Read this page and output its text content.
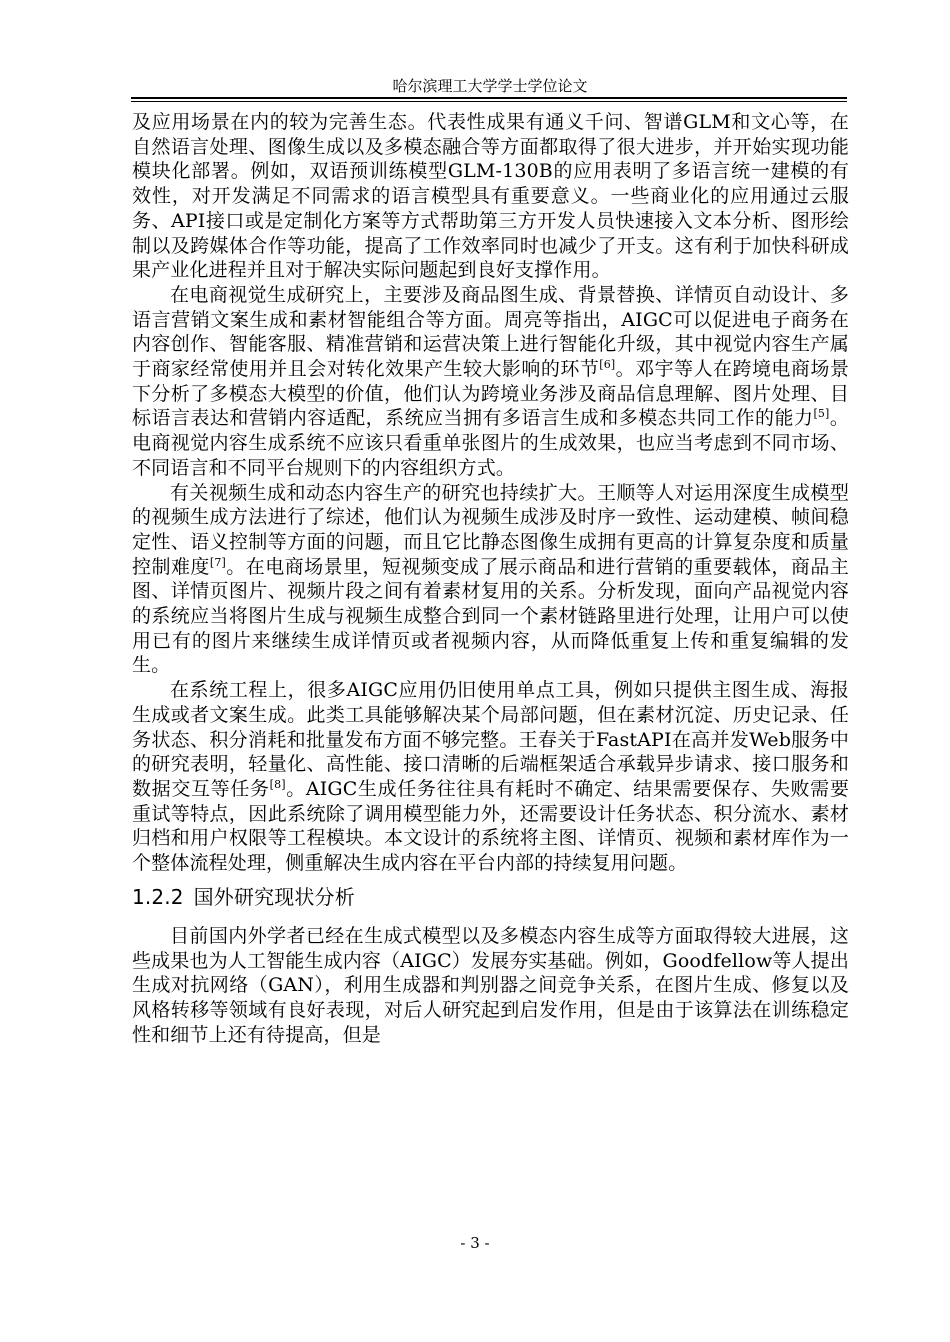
哈尔滨理工大学学士学位论文

及应用场景在内的较为完善生态。代表性成果有通义千问、智谱GLM和文心等，在自然语言处理、图像生成以及多模态融合等方面都取得了很大进步，并开始实现功能模块化部署。例如，双语预训练模型GLM-130B的应用表明了多语言统一建模的有效性，对开发满足不同需求的语言模型具有重要意义。一些商业化的应用通过云服务、API接口或是定制化方案等方式帮助第三方开发人员快速接入文本分析、图形绘制以及跨媒体合作等功能，提高了工作效率同时也减少了开支。这有利于加快科研成果产业化进程并且对于解决实际问题起到良好支撑作用。

在电商视觉生成研究上，主要涉及商品图生成、背景替换、详情页自动设计、多语言营销文案生成和素材智能组合等方面。周亮等指出，AIGC可以促进电子商务在内容创作、智能客服、精准营销和运营决策上进行智能化升级，其中视觉内容生产属于商家经常使用并且会对转化效果产生较大影响的环节[6]。邓宇等人在跨境电商场景下分析了多模态大模型的价值，他们认为跨境业务涉及商品信息理解、图片处理、目标语言表达和营销内容适配，系统应当拥有多语言生成和多模态共同工作的能力[5]。电商视觉内容生成系统不应该只看重单张图片的生成效果，也应当考虑到不同市场、不同语言和不同平台规则下的内容组织方式。

有关视频生成和动态内容生产的研究也持续扩大。王顺等人对运用深度生成模型的视频生成方法进行了综述，他们认为视频生成涉及时序一致性、运动建模、帧间稳定性、语义控制等方面的问题，而且它比静态图像生成拥有更高的计算复杂度和质量控制难度[7]。在电商场景里，短视频变成了展示商品和进行营销的重要载体，商品主图、详情页图片、视频片段之间有着素材复用的关系。分析发现，面向产品视觉内容的系统应当将图片生成与视频生成整合到同一个素材链路里进行处理，让用户可以使用已有的图片来继续生成详情页或者视频内容，从而降低重复上传和重复编辑的发生。

在系统工程上，很多AIGC应用仍旧使用单点工具，例如只提供主图生成、海报生成或者文案生成。此类工具能够解决某个局部问题，但在素材沉淀、历史记录、任务状态、积分消耗和批量发布方面不够完整。王春关于FastAPI在高并发Web服务中的研究表明，轻量化、高性能、接口清晰的后端框架适合承载异步请求、接口服务和数据交互等任务[8]。AIGC生成任务往往具有耗时不确定、结果需要保存、失败需要重试等特点，因此系统除了调用模型能力外，还需要设计任务状态、积分流水、素材归档和用户权限等工程模块。本文设计的系统将主图、详情页、视频和素材库作为一个整体流程处理，侧重解决生成内容在平台内部的持续复用问题。

1.2.2 国外研究现状分析

目前国内外学者已经在生成式模型以及多模态内容生成等方面取得较大进展，这些成果也为人工智能生成内容（AIGC）发展夯实基础。例如，Goodfellow等人提出生成对抗网络（GAN），利用生成器和判别器之间竞争关系，在图片生成、修复以及风格转移等领域有良好表现，对后人研究起到启发作用，但是由于该算法在训练稳定性和细节上还有待提高，但是

- 3 -
